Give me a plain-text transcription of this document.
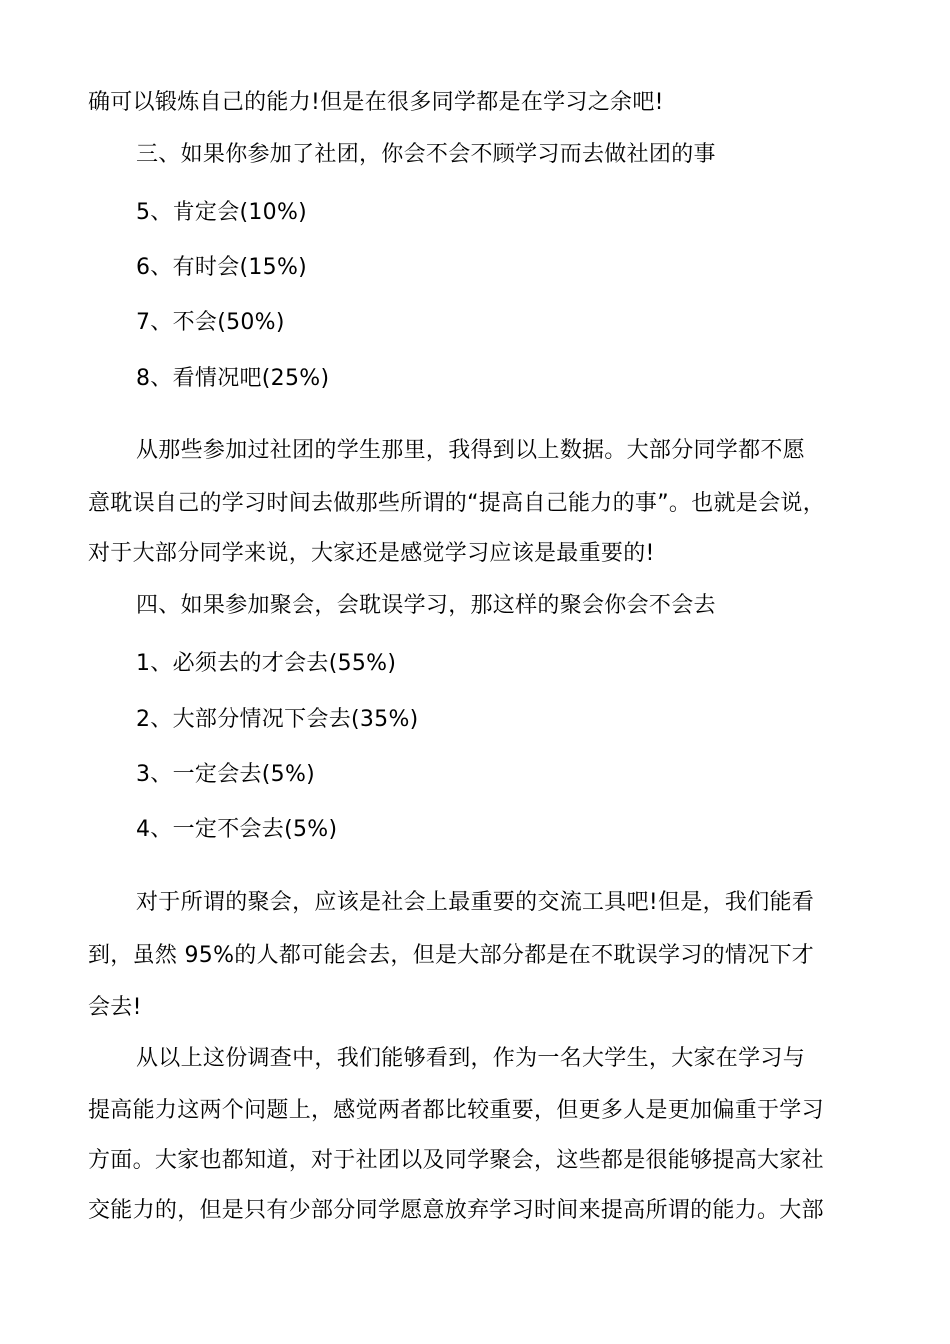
确可以锻炼自己的能力!但是在很多同学都是在学习之余吧!
三、如果你参加了社团，你会不会不顾学习而去做社团的事
5、肯定会(10%)
6、有时会(15%)
7、不会(50%)
8、看情况吧(25%)
从那些参加过社团的学生那里，我得到以上数据。大部分同学都不愿
意耽误自己的学习时间去做那些所谓的“提高自己能力的事”。也就是会说，
对于大部分同学来说，大家还是感觉学习应该是最重要的!
四、如果参加聚会，会耽误学习，那这样的聚会你会不会去
1、必须去的才会去(55%)
2、大部分情况下会去(35%)
3、一定会去(5%)
4、一定不会去(5%)
对于所谓的聚会，应该是社会上最重要的交流工具吧!但是，我们能看
到，虽然 95%的人都可能会去，但是大部分都是在不耽误学习的情况下才
会去!
从以上这份调查中，我们能够看到，作为一名大学生，大家在学习与
提高能力这两个问题上，感觉两者都比较重要，但更多人是更加偏重于学习
方面。大家也都知道，对于社团以及同学聚会，这些都是很能够提高大家社
交能力的，但是只有少部分同学愿意放弃学习时间来提高所谓的能力。大部
